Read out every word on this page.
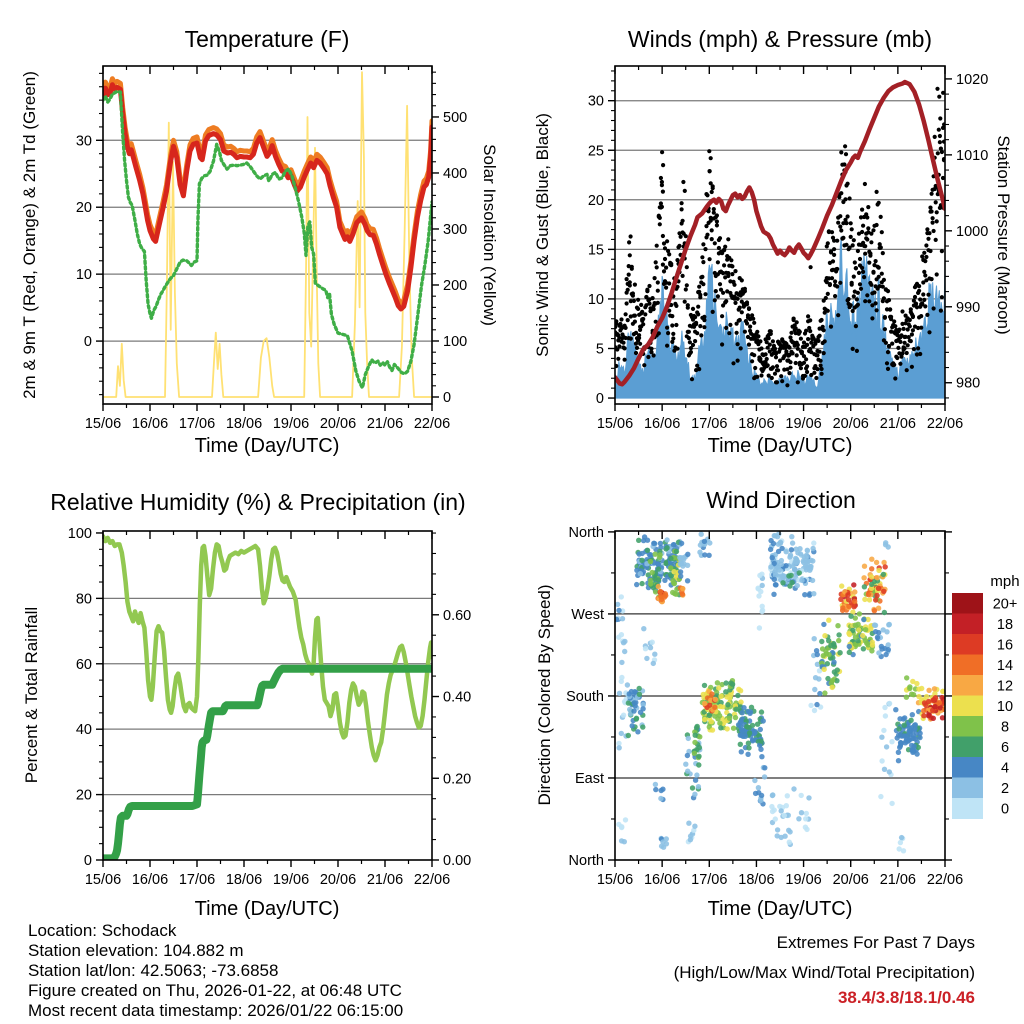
15/06 16/06 17/06 18/06 19/06 20/06 21/06 22/06
0
10
20
30
0
100
200
300
400
500
15/06 16/06 17/06 18/06 19/06 20/06 21/06 22/06
0
5
10
15
20
25
30
980
990
1000
1010
1020
15/06 16/06 17/06 18/06 19/06 20/06 21/06 22/06
0
20
40
60
80
100
0.00
0.20
0.40
0.60
15/06 16/06 17/06 18/06 19/06 20/06 21/06 22/06
North
East
South
West
North
20+
18
16
14
12
10
8
6
4
2
0
mph
Temperature (F)	Winds (mph) & Pressure (mb)
Relative Humidity (%) & Precipitation (in)	Wind Direction
Time (Day/UTC)	Time (Day/UTC)
Time (Day/UTC)	Time (Day/UTC)
2m & 9m T (Red, Orange) & 2m Td (Green)	Solar Insolation (Yellow) Sonic Wind & Gust (Blue, Black)	Station Pressure (Maroon)
Percent & Total Rainfall	Direction (Colored By Speed)
Location: Schodack
Station elevation: 104.882 m
Station lat/lon: 42.5063; -73.6858
Figure created on Thu, 2026-01-22, at 06:48 UTC
Most recent data timestamp: 2026/01/22 06:15:00
Extremes For Past 7 Days
(High/Low/Max Wind/Total Precipitation)
38.4/3.8/18.1/0.46
